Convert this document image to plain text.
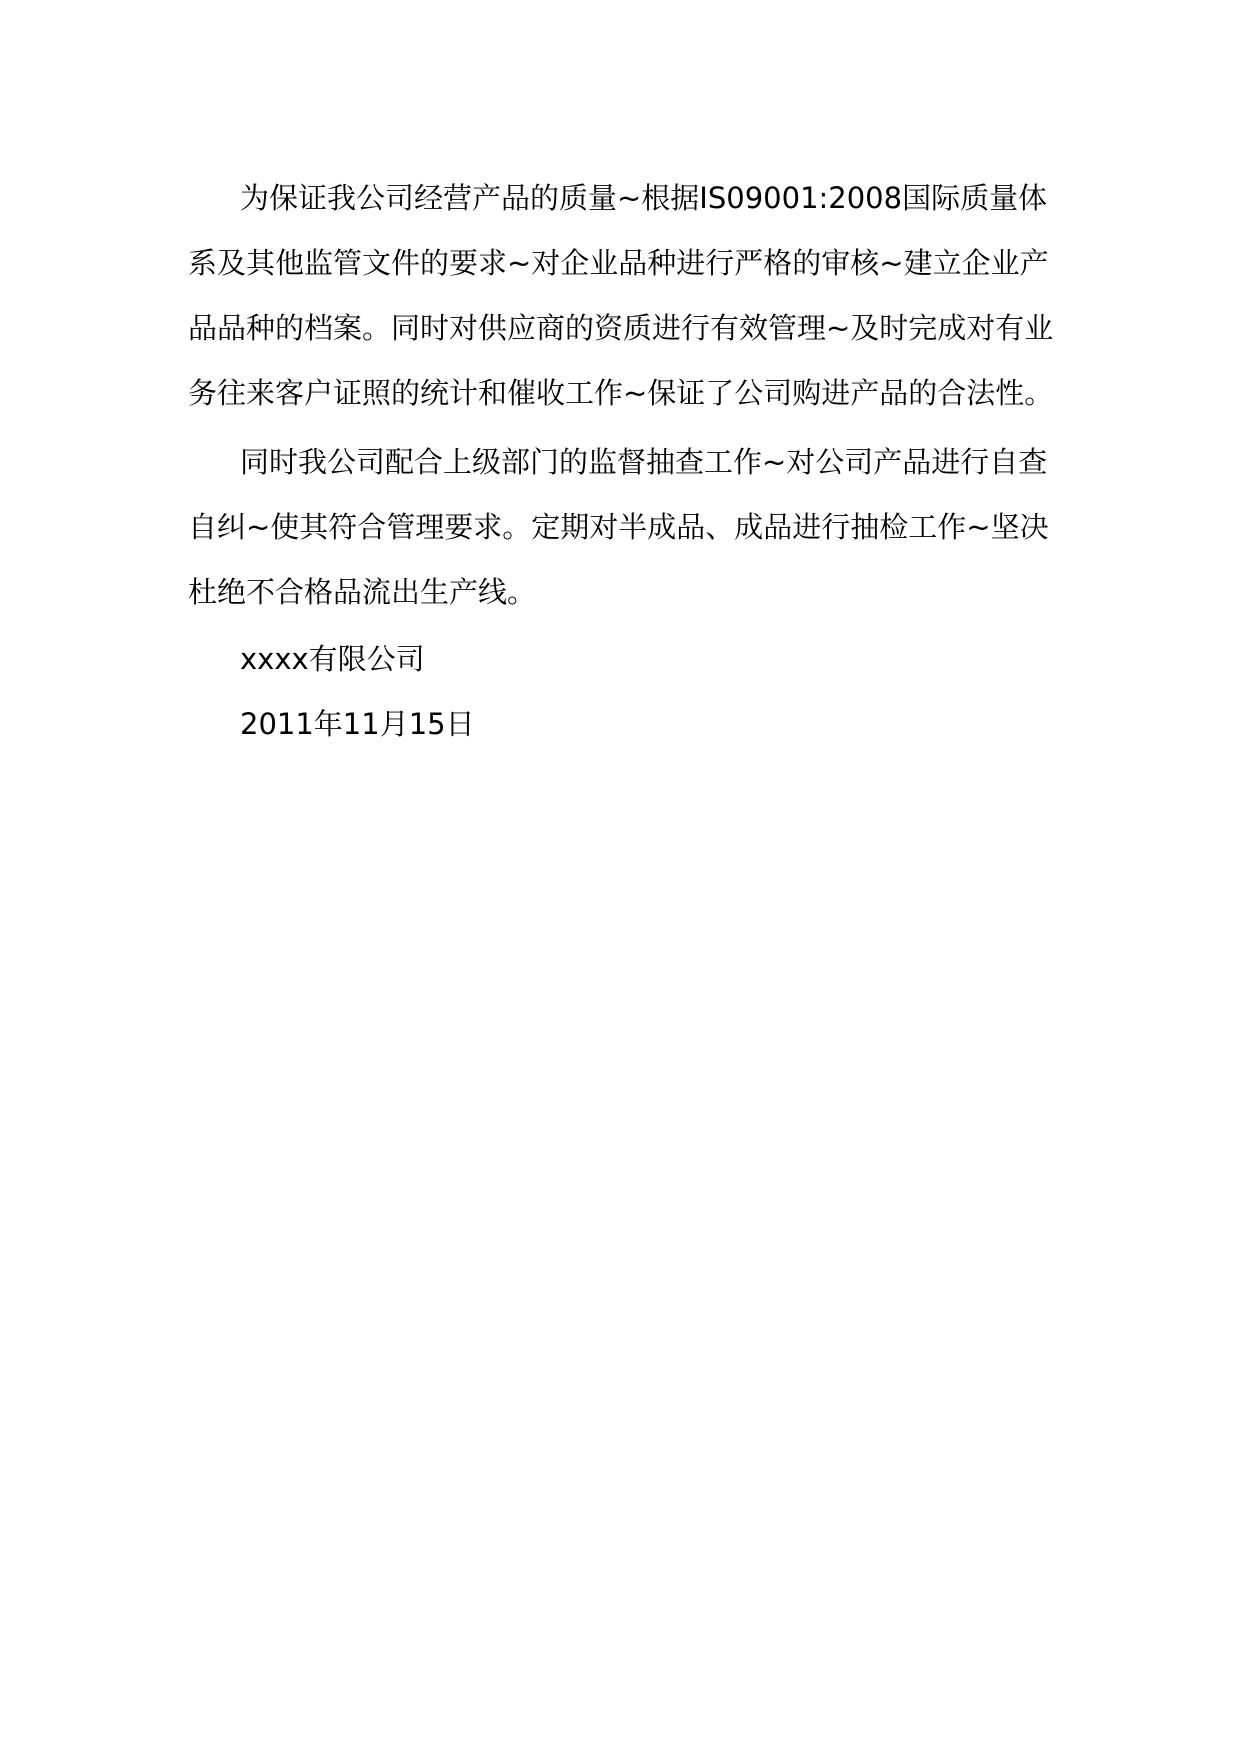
为保证我公司经营产品的质量~根据IS09001:2008国际质量体系及其他监管文件的要求~对企业品种进行严格的审核~建立企业产品品种的档案。同时对供应商的资质进行有效管理~及时完成对有业务往来客户证照的统计和催收工作~保证了公司购进产品的合法性。

同时我公司配合上级部门的监督抽查工作~对公司产品进行自查自纠~使其符合管理要求。定期对半成品、成品进行抽检工作~坚决杜绝不合格品流出生产线。

xxxx有限公司

2011年11月15日
